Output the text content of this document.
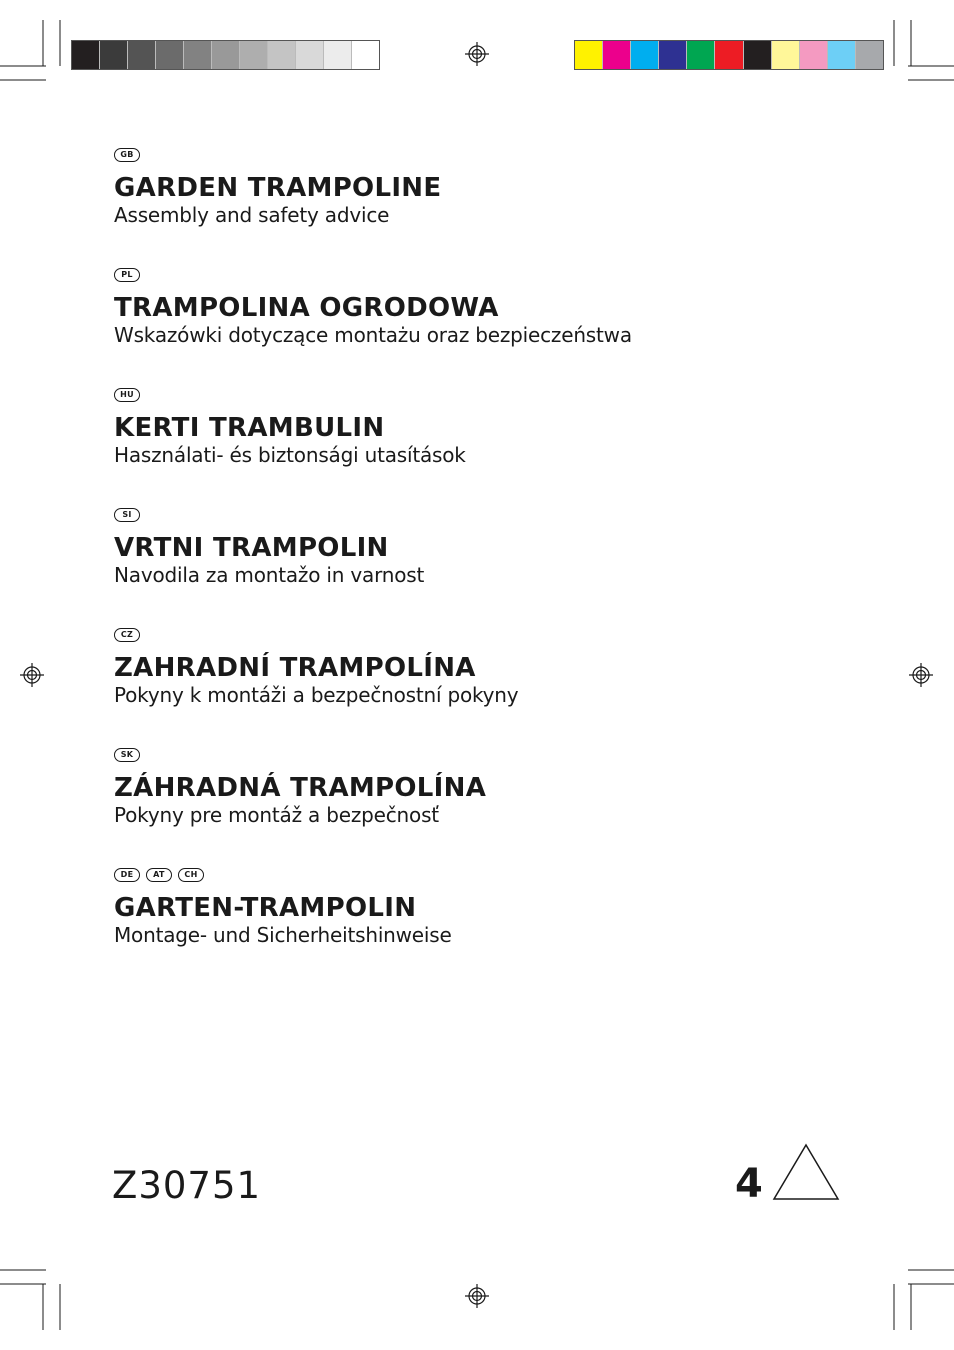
GB
GARDEN TRAMPOLINE
Assembly and safety advice
PL
TRAMPOLINA OGRODOWA
Wskazówki dotyczące montażu oraz bezpieczeństwa
HU
KERTI TRAMBULIN
Használati- és biztonsági utasítások
SI
VRTNI TRAMPOLIN
Navodila za montažo in varnost
CZ
ZAHRADNÍ TRAMPOLÍNA
Pokyny k montáži a bezpečnostní pokyny
SK
ZÁHRADNÁ TRAMPOLÍNA
Pokyny pre montáž a bezpečnosť
DE	AT	CH
GARTEN-TRAMPOLIN
Montage- und Sicherheitshinweise
Z30751	4
